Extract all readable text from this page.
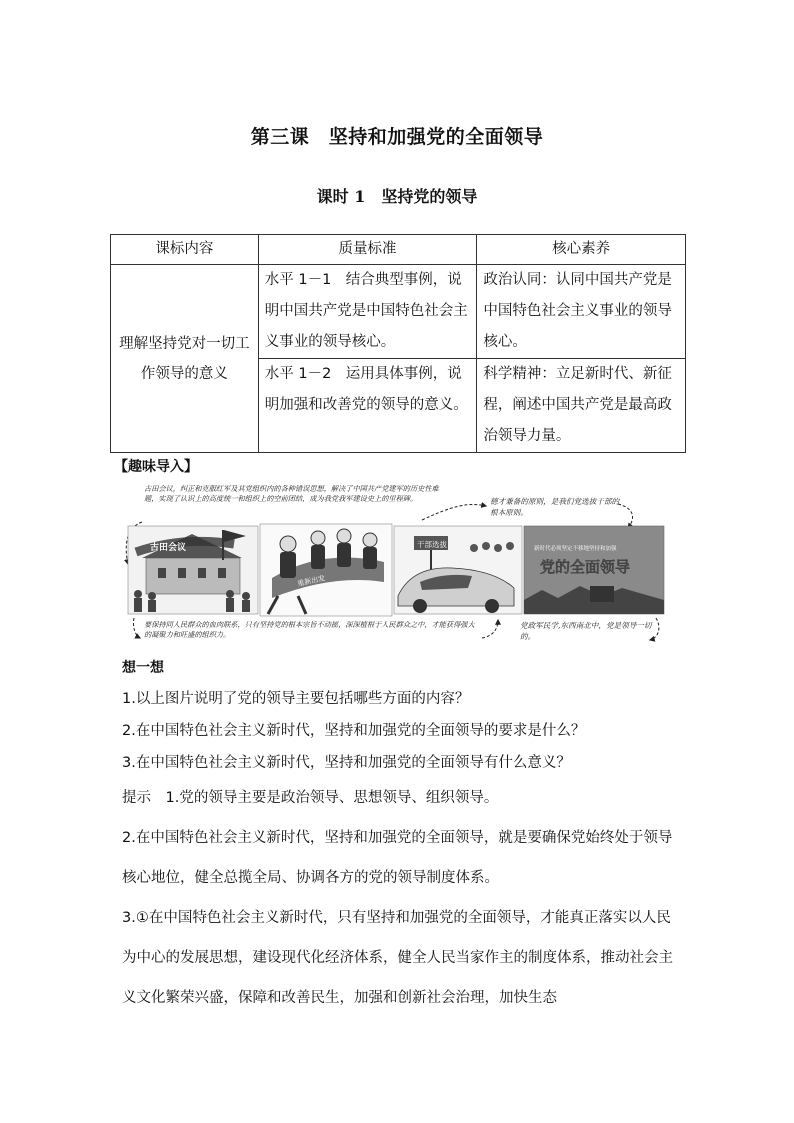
第三课　坚持和加强党的全面领导
课时 1　坚持党的领导
课标内容	质量标准	核心素养
理解坚持党对一切工作领导的意义	水平 1－1　结合典型事例，说明中国共产党是中国特色社会主义事业的领导核心。	政治认同：认同中国共产党是中国特色社会主义事业的领导核心。
	水平 1－2　运用具体事例，说明加强和改善党的领导的意义。	科学精神：立足新时代、新征程，阐述中国共产党是最高政治领导力量。
【趣味导入】
古田会议，纠正和克服红军及其党组织内的各种错误思想，解决了中国共产党建军的历史性难题，实现了认识上的高度统一和组织上的空前团结，成为我党我军建设史上的里程碑。	德才兼备的原则，是我们党选拔干部的根本原则。
古田会议
重新出发
干部选拔	新时代必须坚定不移地坚持和加强
党的全面领导
要保持同人民群众的血肉联系，只有坚持党的根本宗旨不动摇，深深植根于人民群众之中，才能获得强大的凝聚力和旺盛的组织力。
党政军民学,东西南北中，党是领导一切的。
想一想
1.以上图片说明了党的领导主要包括哪些方面的内容？
2.在中国特色社会主义新时代，坚持和加强党的全面领导的要求是什么？
3.在中国特色社会主义新时代，坚持和加强党的全面领导有什么意义？

提示　1.党的领导主要是政治领导、思想领导、组织领导。

2.在中国特色社会主义新时代，坚持和加强党的全面领导，就是要确保党始终处于领导核心地位，健全总揽全局、协调各方的党的领导制度体系。

3.①在中国特色社会主义新时代，只有坚持和加强党的全面领导，才能真正落实以人民为中心的发展思想，建设现代化经济体系，健全人民当家作主的制度体系，推动社会主义文化繁荣兴盛，保障和改善民生，加强和创新社会治理，加快生态
